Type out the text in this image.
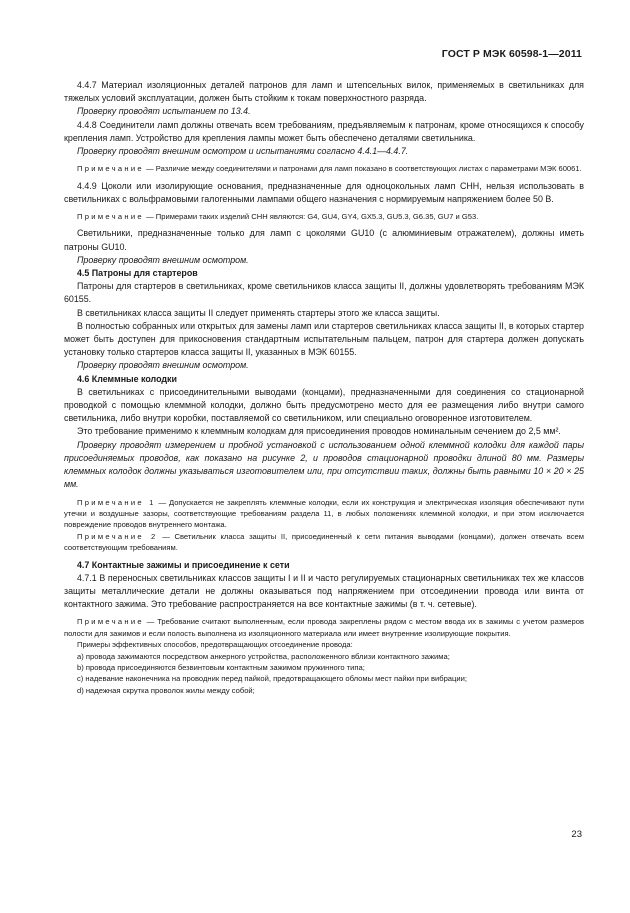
ГОСТ Р МЭК 60598-1—2011

4.4.7 Материал изоляционных деталей патронов для ламп и штепсельных вилок, применяемых в светильниках для тяжелых условий эксплуатации, должен быть стойким к токам поверхностного разряда.

Проверку проводят испытанием по 13.4.

4.4.8 Соединители ламп должны отвечать всем требованиям, предъявляемым к патронам, кроме относящихся к способу крепления ламп. Устройство для крепления лампы может быть обеспечено деталями светильника.

Проверку проводят внешним осмотром и испытаниями согласно 4.4.1—4.4.7.

Примечание — Различие между соединителями и патронами для ламп показано в соответствующих листах с параметрами МЭК 60061.

4.4.9 Цоколи или изолирующие основания, предназначенные для одноцокольных ламп СНН, нельзя использовать в светильниках с вольфрамовыми галогенными лампами общего назначения с нормируемым напряжением более 50 В.

Примечание — Примерами таких изделий СНН являются: G4, GU4, GY4, GX5.3, GU5.3, G6.35, GU7 и G53.

Светильники, предназначенные только для ламп с цоколями GU10 (с алюминиевым отражателем), должны иметь патроны GU10.

Проверку проводят внешним осмотром.

4.5 Патроны для стартеров

Патроны для стартеров в светильниках, кроме светильников класса защиты II, должны удовлетворять требованиям МЭК 60155.

В светильниках класса защиты II следует применять стартеры этого же класса защиты.

В полностью собранных или открытых для замены ламп или стартеров светильниках класса защиты II, в которых стартер может быть доступен для прикосновения стандартным испытательным пальцем, патрон для стартера должен допускать установку только стартеров класса защиты II, указанных в МЭК 60155.

Проверку проводят внешним осмотром.

4.6 Клеммные колодки

В светильниках с присоединительными выводами (концами), предназначенными для соединения со стационарной проводкой с помощью клеммной колодки, должно быть предусмотрено место для ее размещения либо внутри самого светильника, либо внутри коробки, поставляемой со светильником, или специально оговоренное изготовителем.

Это требование применимо к клеммным колодкам для присоединения проводов номинальным сечением до 2,5 мм².

Проверку проводят измерением и пробной установкой с использованием одной клеммной колодки для каждой пары присоединяемых проводов, как показано на рисунке 2, и проводов стационарной проводки длиной 80 мм. Размеры клеммных колодок должны указываться изготовителем или, при отсутствии таких, должны быть равными 10 × 20 × 25 мм.

Примечание 1 — Допускается не закреплять клеммные колодки, если их конструкция и электрическая изоляция обеспечивают пути утечки и воздушные зазоры, соответствующие требованиям раздела 11, в любых положениях клеммной колодки, и при этом исключается повреждение проводов внутреннего монтажа.

Примечание 2 — Светильник класса защиты II, присоединенный к сети питания выводами (концами), должен отвечать всем соответствующим требованиям.

4.7 Контактные зажимы и присоединение к сети

4.7.1 В переносных светильниках классов защиты I и II и часто регулируемых стационарных светильниках тех же классов защиты металлические детали не должны оказываться под напряжением при отсоединении провода или винта от контактного зажима. Это требование распространяется на все контактные зажимы (в т. ч. сетевые).

Примечание — Требование считают выполненным, если провода закреплены рядом с местом ввода их в зажимы с учетом размеров полости для зажимов и если полость выполнена из изоляционного материала или имеет внутренние изолирующие покрытия.

Примеры эффективных способов, предотвращающих отсоединение провода:

a) провода зажимаются посредством анкерного устройства, расположенного вблизи контактного зажима;

b) провода присоединяются безвинтовым контактным зажимом пружинного типа;

c) надевание наконечника на проводник перед пайкой, предотвращающего обломы мест пайки при вибрации;

d) надежная скрутка проволок жилы между собой;

23
